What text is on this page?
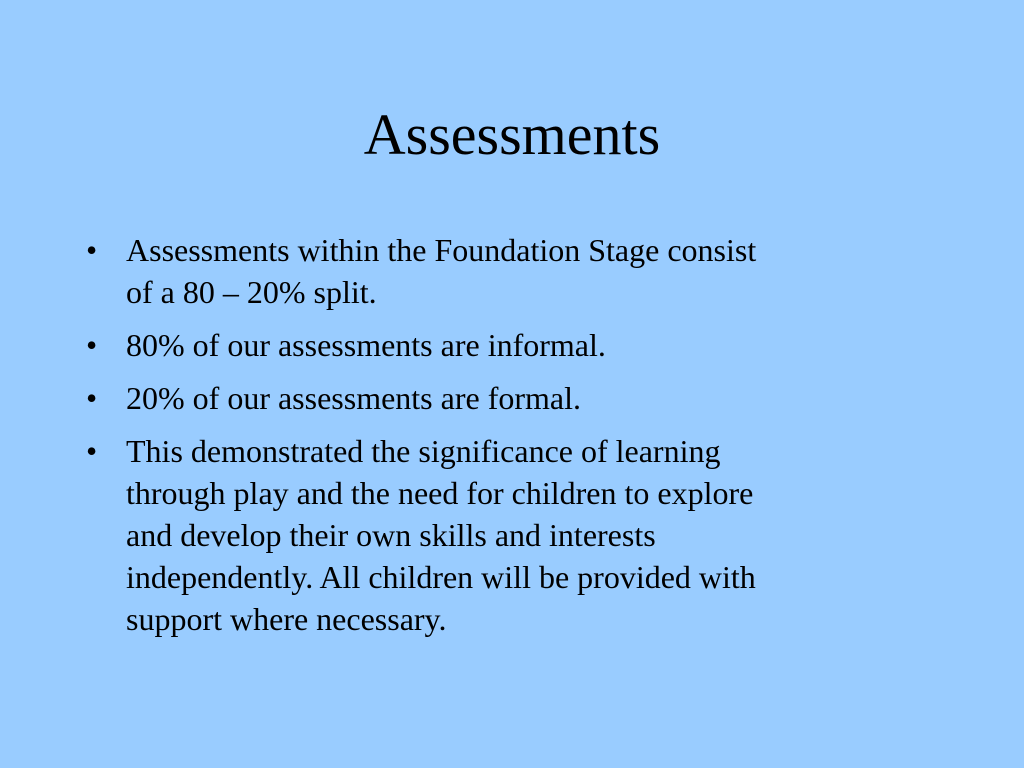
Assessments
• Assessments within the Foundation Stage consist
of a 80 – 20% split.
• 80% of our assessments are informal.
• 20% of our assessments are formal.
• This demonstrated the significance of learning
through play and the need for children to explore
and develop their own skills and interests
independently. All children will be provided with
support where necessary.
